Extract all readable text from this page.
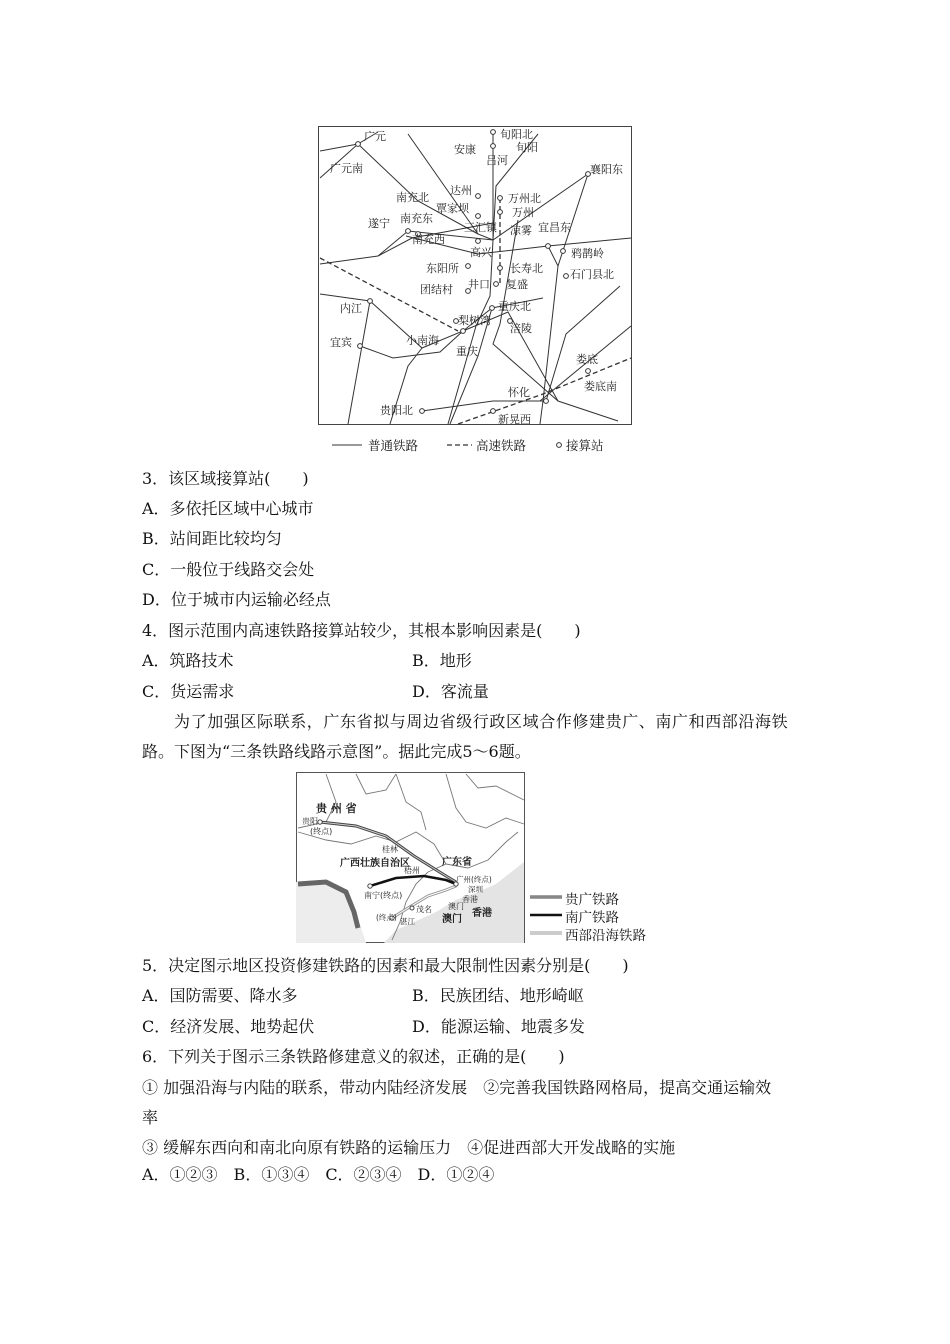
广元
广元南
旬阳北
旬阳
安康
吕河
襄阳东
南充北
达州
覃家坝
万州北
万州
遂宁 南充东
三汇镇 凉雾 宜昌东
南充西
高兴	鸦鹊岭
东阳所	长寿北 石门县北
团结村 井口 复盛
内江	重庆北
梨树湾
涪陵
宜宾	小南海
重庆
娄底
娄底南
怀化
贵阳北
新晃西
普通铁路	高速铁路	接算站
3．该区域接算站(　　)
A．多依托区域中心城市
B．站间距比较均匀
C．一般位于线路交会处
D．位于城市内运输必经点
4．图示范围内高速铁路接算站较少，其根本影响因素是(　　)
A．筑路技术	B．地形
C．货运需求	D．客流量
为了加强区际联系，广东省拟与周边省级行政区域合作修建贵广、南广和西部沿海铁
路。下图为“三条铁路线路示意图”。据此完成5～6题。
贵 州 省
贵阳
(终点)
桂林
广西壮族自治区
梧州
广东省
广州(终点)
深圳
南宁(终点)	香港
澳门
香港
澳门
茂名
(终点) 湛江
贵广铁路
南广铁路
西部沿海铁路
5．决定图示地区投资修建铁路的因素和最大限制性因素分别是(　　)
A．国防需要、降水多	B．民族团结、地形崎岖
C．经济发展、地势起伏	D．能源运输、地震多发
6．下列关于图示三条铁路修建意义的叙述，正确的是(　　)
① 加强沿海与内陆的联系，带动内陆经济发展　②完善我国铁路网格局，提高交通运输效
率
③ 缓解东西向和南北向原有铁路的运输压力　④促进西部大开发战略的实施
A．①②③　B．①③④　C．②③④　D．①②④
